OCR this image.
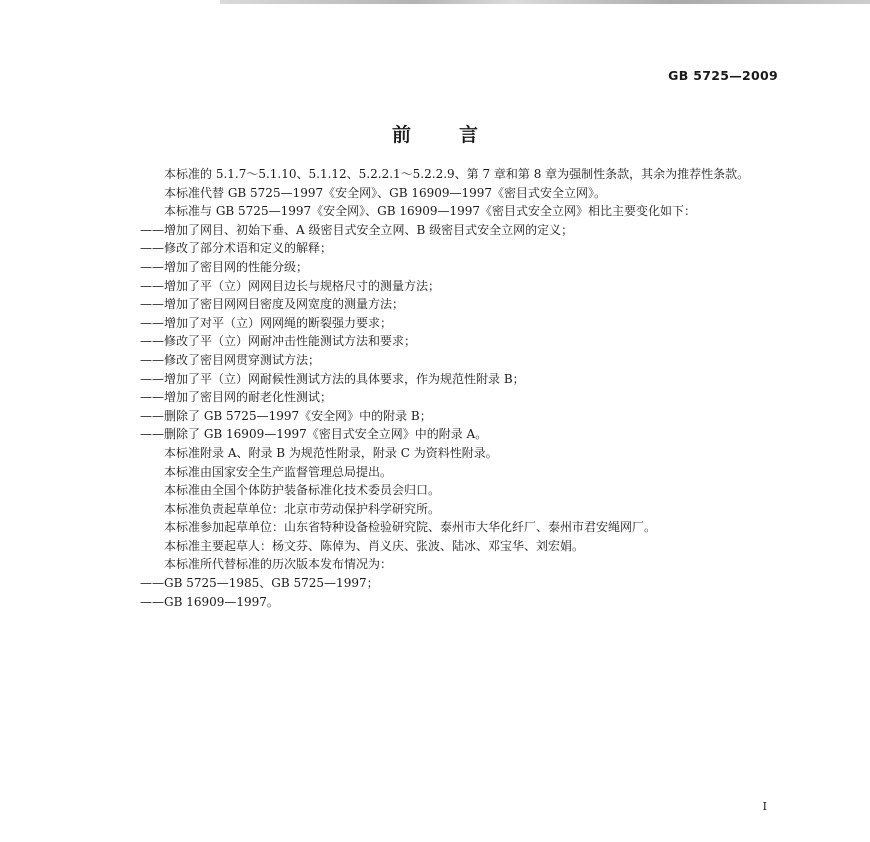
GB 5725—2009
前	言

本标准的 5.1.7～5.1.10、5.1.12、5.2.2.1～5.2.2.9、第 7 章和第 8 章为强制性条款，其余为推荐性条款。

本标准代替 GB 5725—1997《安全网》、GB 16909—1997《密目式安全立网》。

本标准与 GB 5725—1997《安全网》、GB 16909—1997《密目式安全立网》相比主要变化如下：

——增加了网目、初始下垂、A 级密目式安全立网、B 级密目式安全立网的定义；

——修改了部分术语和定义的解释；

——增加了密目网的性能分级；

——增加了平（立）网网目边长与规格尺寸的测量方法；

——增加了密目网网目密度及网宽度的测量方法；

——增加了对平（立）网网绳的断裂强力要求；

——修改了平（立）网耐冲击性能测试方法和要求；

——修改了密目网贯穿测试方法；

——增加了平（立）网耐候性测试方法的具体要求，作为规范性附录 B；

——增加了密目网的耐老化性测试；

——删除了 GB 5725—1997《安全网》中的附录 B；

——删除了 GB 16909—1997《密目式安全立网》中的附录 A。

本标准附录 A、附录 B 为规范性附录，附录 C 为资料性附录。

本标准由国家安全生产监督管理总局提出。

本标准由全国个体防护装备标准化技术委员会归口。

本标准负责起草单位：北京市劳动保护科学研究所。

本标准参加起草单位：山东省特种设备检验研究院、泰州市大华化纤厂、泰州市君安绳网厂。

本标准主要起草人：杨文芬、陈倬为、肖义庆、张波、陆冰、邓宝华、刘宏娟。

本标准所代替标准的历次版本发布情况为：

——GB 5725—1985、GB 5725—1997；

——GB 16909—1997。

I
